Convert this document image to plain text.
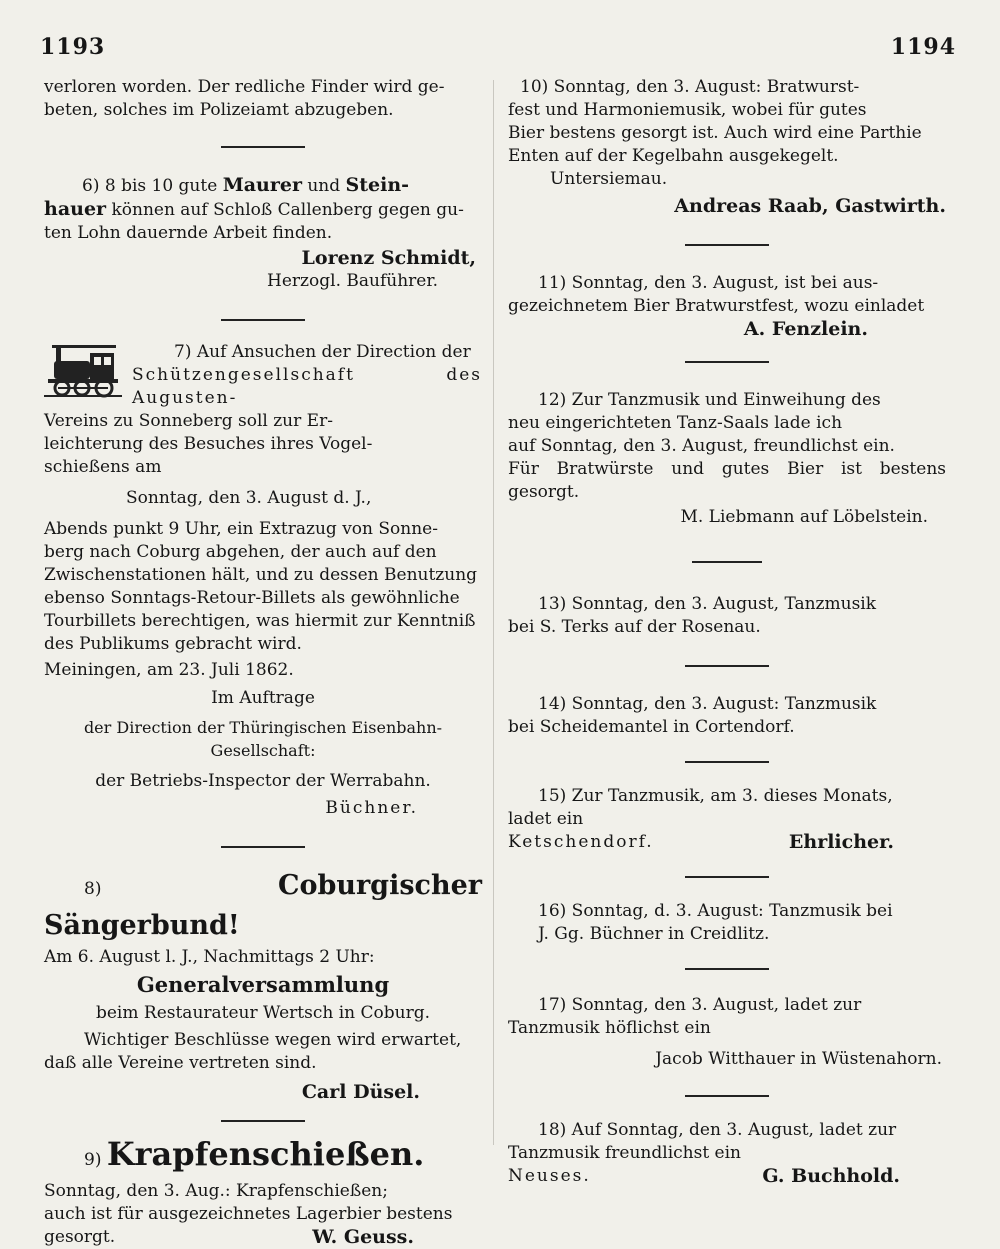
1193	1194

verloren worden. Der redliche Finder wird ge-

beten, solches im Polizeiamt abzugeben.

6) 8 bis 10 gute Maurer und Stein-

hauer können auf Schloß Callenberg gegen gu-

ten Lohn dauernde Arbeit finden.

Lorenz Schmidt,

Herzogl. Bauführer.

7) Auf Ansuchen der Direction der

Schützengesellschaft des Augusten-

Vereins zu Sonneberg soll zur Er-

leichterung des Besuches ihres Vogel-

schießens am

Sonntag, den 3. August d. J.,

Abends punkt 9 Uhr, ein Extrazug von Sonne-

berg nach Coburg abgehen, der auch auf den

Zwischenstationen hält, und zu dessen Benutzung

ebenso Sonntags-Retour-Billets als gewöhnliche

Tourbillets berechtigen, was hiermit zur Kenntniß

des Publikums gebracht wird.

Meiningen, am 23. Juli 1862.

Im Auftrage

der Direction der Thüringischen Eisenbahn-Gesellschaft:

der Betriebs-Inspector der Werrabahn.

Büchner.

8)	Coburgischer Sängerbund!

Am 6. August l. J., Nachmittags 2 Uhr:

Generalversammlung

beim Restaurateur Wertsch in Coburg.

Wichtiger Beschlüsse wegen wird erwartet,

daß alle Vereine vertreten sind.

Carl Düsel.

9) Krapfenschießen.

Sonntag, den 3. Aug.: Krapfenschießen;

auch ist für ausgezeichnetes Lagerbier bestens

gesorgt.	W. Geuss.

10) Sonntag, den 3. August: Bratwurst-

fest und Harmoniemusik, wobei für gutes

Bier bestens gesorgt ist. Auch wird eine Parthie

Enten auf der Kegelbahn ausgekegelt.

Untersiemau.

Andreas Raab, Gastwirth.

11) Sonntag, den 3. August, ist bei aus-

gezeichnetem Bier Bratwurstfest, wozu einladet

A. Fenzlein.

12) Zur Tanzmusik und Einweihung des

neu eingerichteten Tanz-Saals lade ich

auf Sonntag, den 3. August, freundlichst ein.

Für Bratwürste und gutes Bier ist bestens gesorgt.

M. Liebmann auf Löbelstein.

13) Sonntag, den 3. August, Tanzmusik

bei S. Terks auf der Rosenau.

14) Sonntag, den 3. August: Tanzmusik

bei Scheidemantel in Cortendorf.

15) Zur Tanzmusik, am 3. dieses Monats,

ladet ein

Ketschendorf.	Ehrlicher.

16) Sonntag, d. 3. August: Tanzmusik bei

J. Gg. Büchner in Creidlitz.

17) Sonntag, den 3. August, ladet zur

Tanzmusik höflichst ein

Jacob Witthauer in Wüstenahorn.

18) Auf Sonntag, den 3. August, ladet zur

Tanzmusik freundlichst ein

Neuses.	G. Buchhold.
